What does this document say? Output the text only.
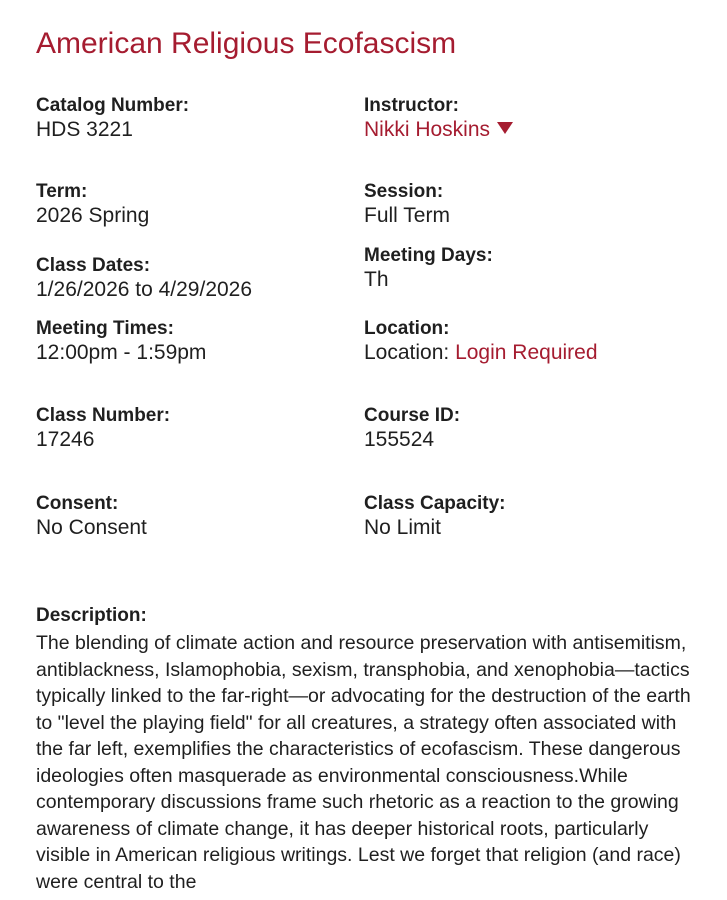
American Religious Ecofascism
Catalog Number:
HDS 3221
Instructor:
Nikki Hoskins
Term:
2026 Spring
Session:
Full Term
Class Dates:
1/26/2026 to 4/29/2026
Meeting Days:
Th
Meeting Times:
12:00pm - 1:59pm
Location:
Location: Login Required
Class Number:
17246
Course ID:
155524
Consent:
No Consent
Class Capacity:
No Limit
Description:

The blending of climate action and resource preservation with antisemitism, antiblackness, Islamophobia, sexism, transphobia, and xenophobia—tactics typically linked to the far-right—or advocating for the destruction of the earth to "level the playing field" for all creatures, a strategy often associated with the far left, exemplifies the characteristics of ecofascism. These dangerous ideologies often masquerade as environmental consciousness.While contemporary discussions frame such rhetoric as a reaction to the growing awareness of climate change, it has deeper historical roots, particularly visible in American religious writings. Lest we forget that religion (and race) were central to the
